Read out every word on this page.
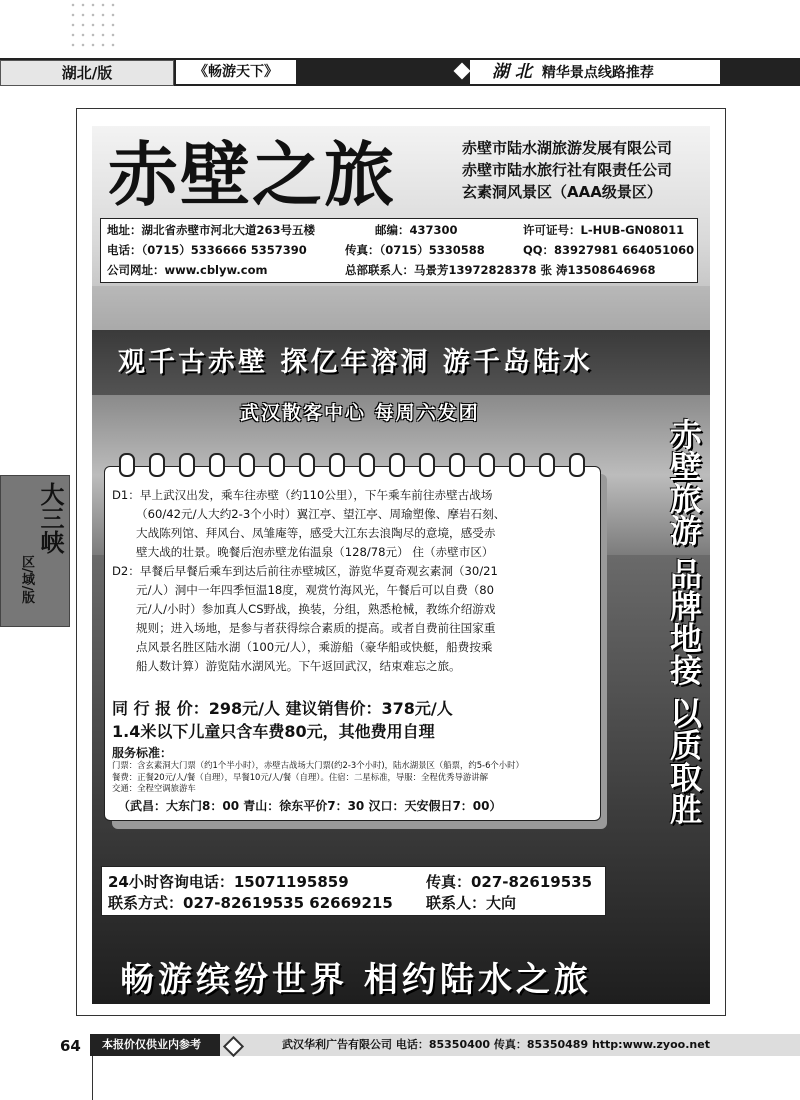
湖北/版	《畅游天下》	湖 北 精华景点线路推荐
大三峡
区/域/版
赤壁之旅	赤壁市陆水湖旅游发展有限公司
赤壁市陆水旅行社有限责任公司
玄素洞风景区（AAA级景区）
地址：湖北省赤壁市河北大道263号五楼	邮编：437300	许可证号：L-HUB-GN08011
电话：（0715）5336666 5357390	传真：（0715）5330588	QQ：83927981 664051060
公司网址：www.cblyw.com	总部联系人：马景芳13972828378 张 涛13508646968
观千古赤壁 探亿年溶洞 游千岛陆水
武汉散客中心 每周六发团
赤壁旅游 品牌地接 以质取胜

D1：早上武汉出发，乘车往赤壁（约110公里），下午乘车前往赤壁古战场

（60/42元/人大约2-3个小时）翼江亭、望江亭、周瑜塑像、摩岩石刻、

大战陈列馆、拜风台、凤雏庵等，感受大江东去浪陶尽的意境，感受赤

壁大战的壮景。晚餐后泡赤壁龙佑温泉（128/78元） 住（赤壁市区）

D2：早餐后早餐后乘车到达后前往赤壁城区，游览华夏奇观玄素洞（30/21

元/人）洞中一年四季恒温18度，观赏竹海风光，午餐后可以自费（80

元/人/小时）参加真人CS野战，换装，分组，熟悉枪械，教练介绍游戏

规则；进入场地，是参与者获得综合素质的提高。或者自费前往国家重

点风景名胜区陆水湖（100元/人），乘游船（豪华船或快艇，船费按乘

船人数计算）游览陆水湖风光。下午返回武汉，结束难忘之旅。

同 行 报 价：298元/人 建议销售价：378元/人
1.4米以下儿童只含车费80元，其他费用自理
服务标准：
门票：含玄素洞大门票（约1个半小时），赤壁古战场大门票(约2-3个小时)，陆水湖景区（船票，约5-6个小时）
餐费：正餐20元/人/餐（自理），早餐10元/人/餐（自理）。住宿：二星标准，导服：全程优秀导游讲解
交通：全程空调旅游车
（武昌：大东门8：00 青山：徐东平价7：30 汉口：天安假日7：00）
24小时咨询电话：15071195859	传真：027-82619535
联系方式：027-82619535 62669215 联系人：大向
畅游缤纷世界 相约陆水之旅
64	本报价仅供业内参考	武汉华利广告有限公司 电话：85350400 传真：85350489 http:www.zyoo.net
